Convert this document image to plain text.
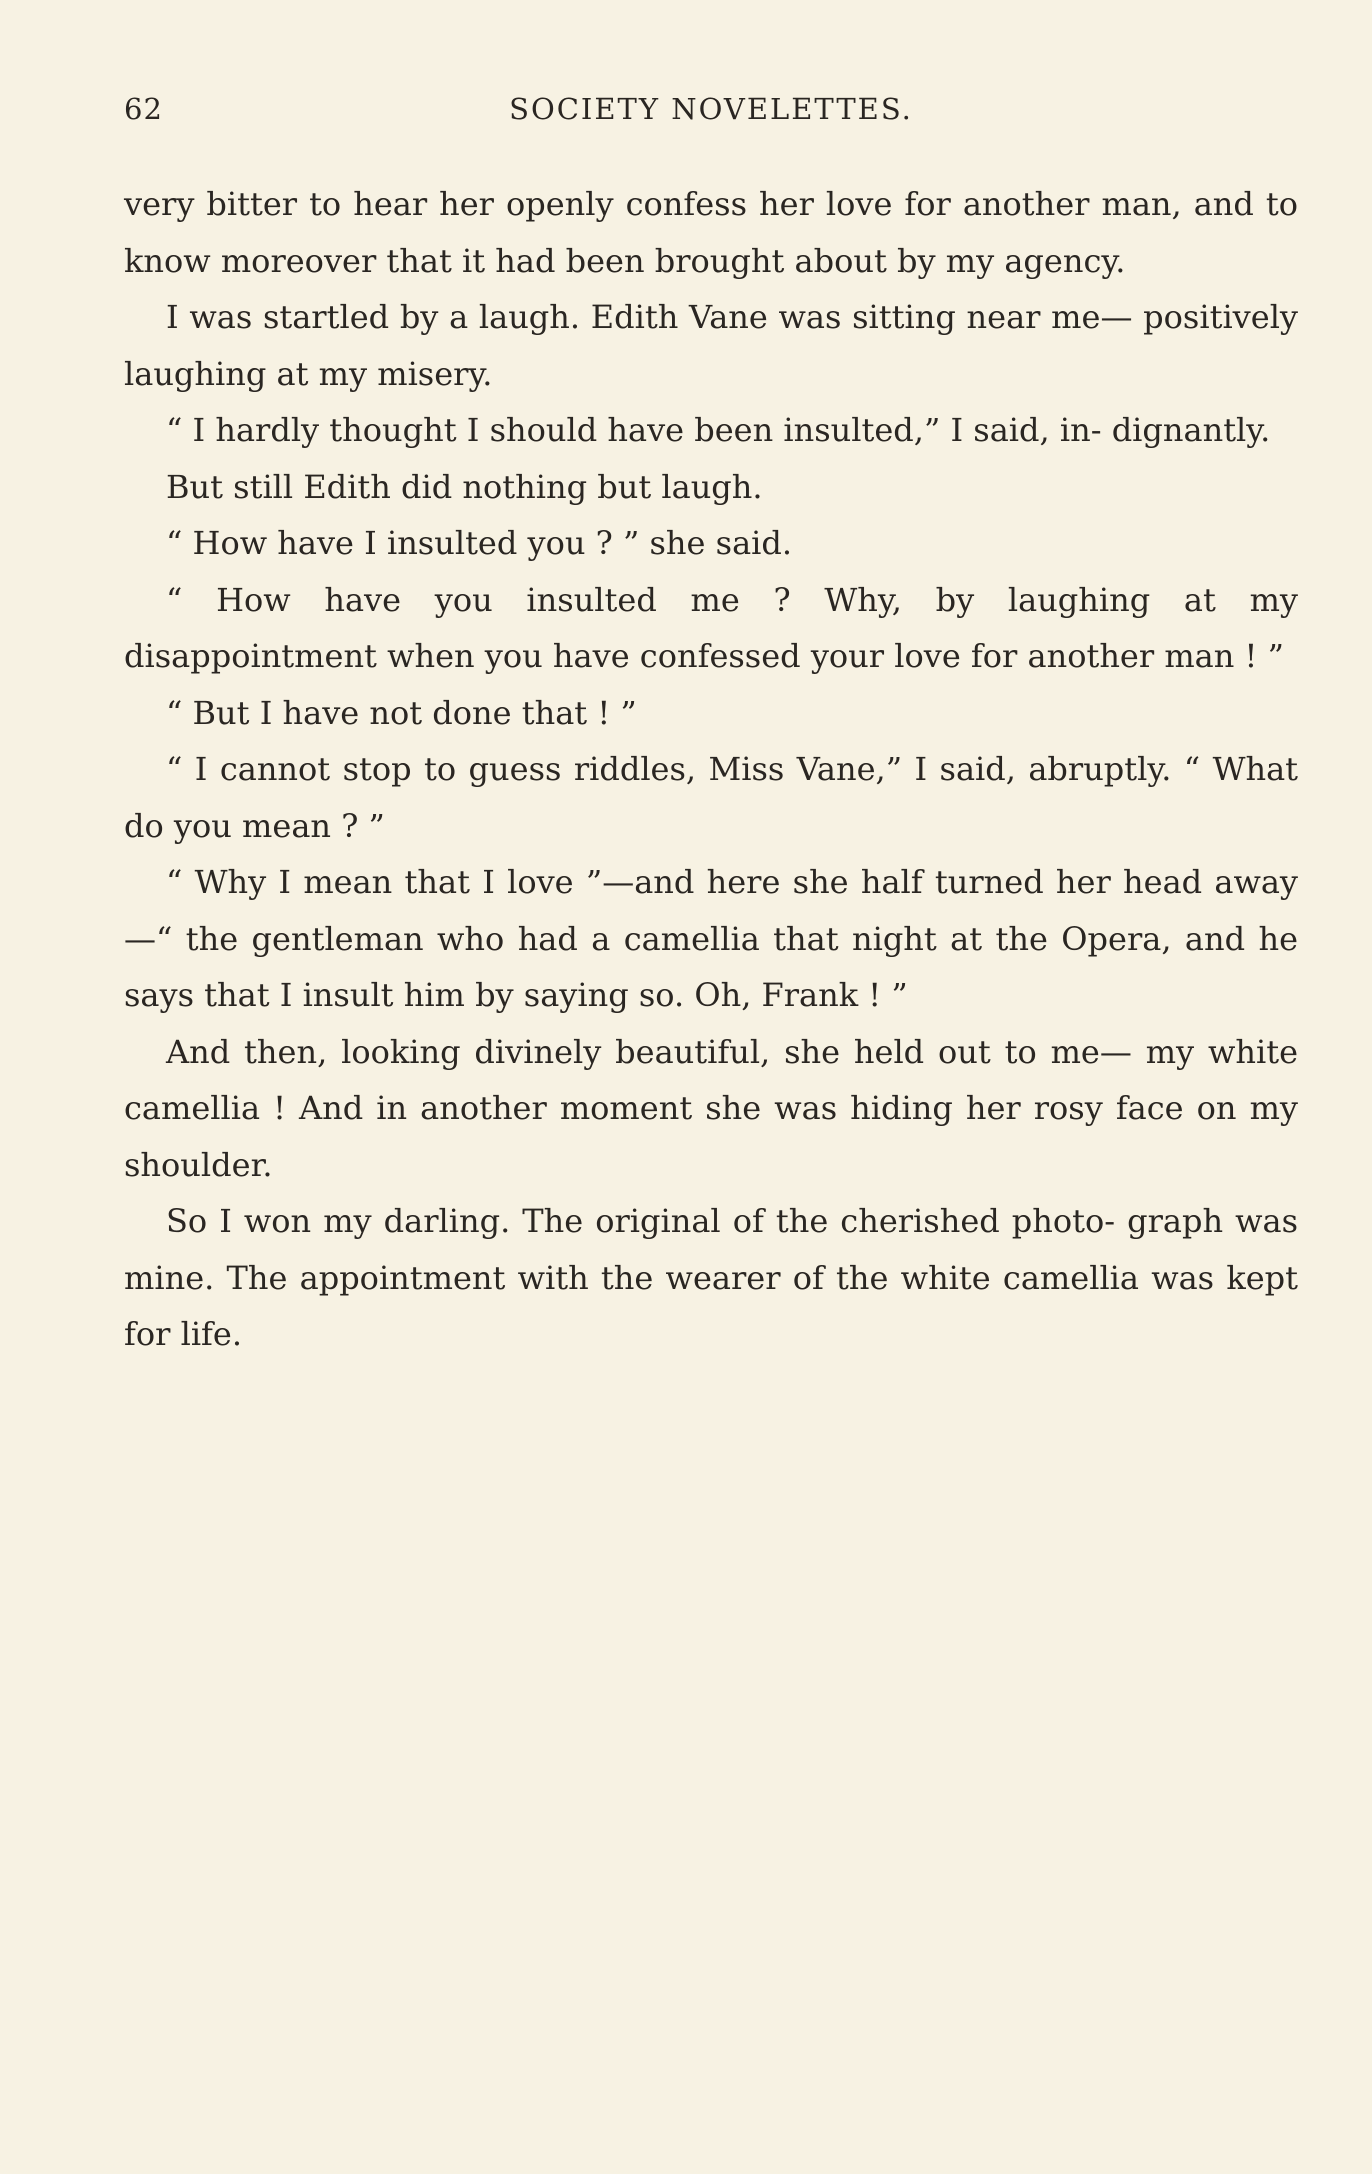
62	SOCIETY NOVELETTES.

very bitter to hear her openly confess her love for another man, and to know moreover that it had been brought about by my agency.

I was startled by a laugh. Edith Vane was sitting near me— positively laughing at my misery.

“ I hardly thought I should have been insulted,” I said, in- dignantly.

But still Edith did nothing but laugh.

“ How have I insulted you ? ” she said.

“ How have you insulted me ? Why, by laughing at my disappointment when you have confessed your love for another man ! ”

“ But I have not done that ! ”

“ I cannot stop to guess riddles, Miss Vane,” I said, abruptly. “ What do you mean ? ”

“ Why I mean that I love ”—and here she half turned her head away—“ the gentleman who had a camellia that night at the Opera, and he says that I insult him by saying so. Oh, Frank ! ”

And then, looking divinely beautiful, she held out to me— my white camellia ! And in another moment she was hiding her rosy face on my shoulder.

So I won my darling. The original of the cherished photo- graph was mine. The appointment with the wearer of the white camellia was kept for life.
